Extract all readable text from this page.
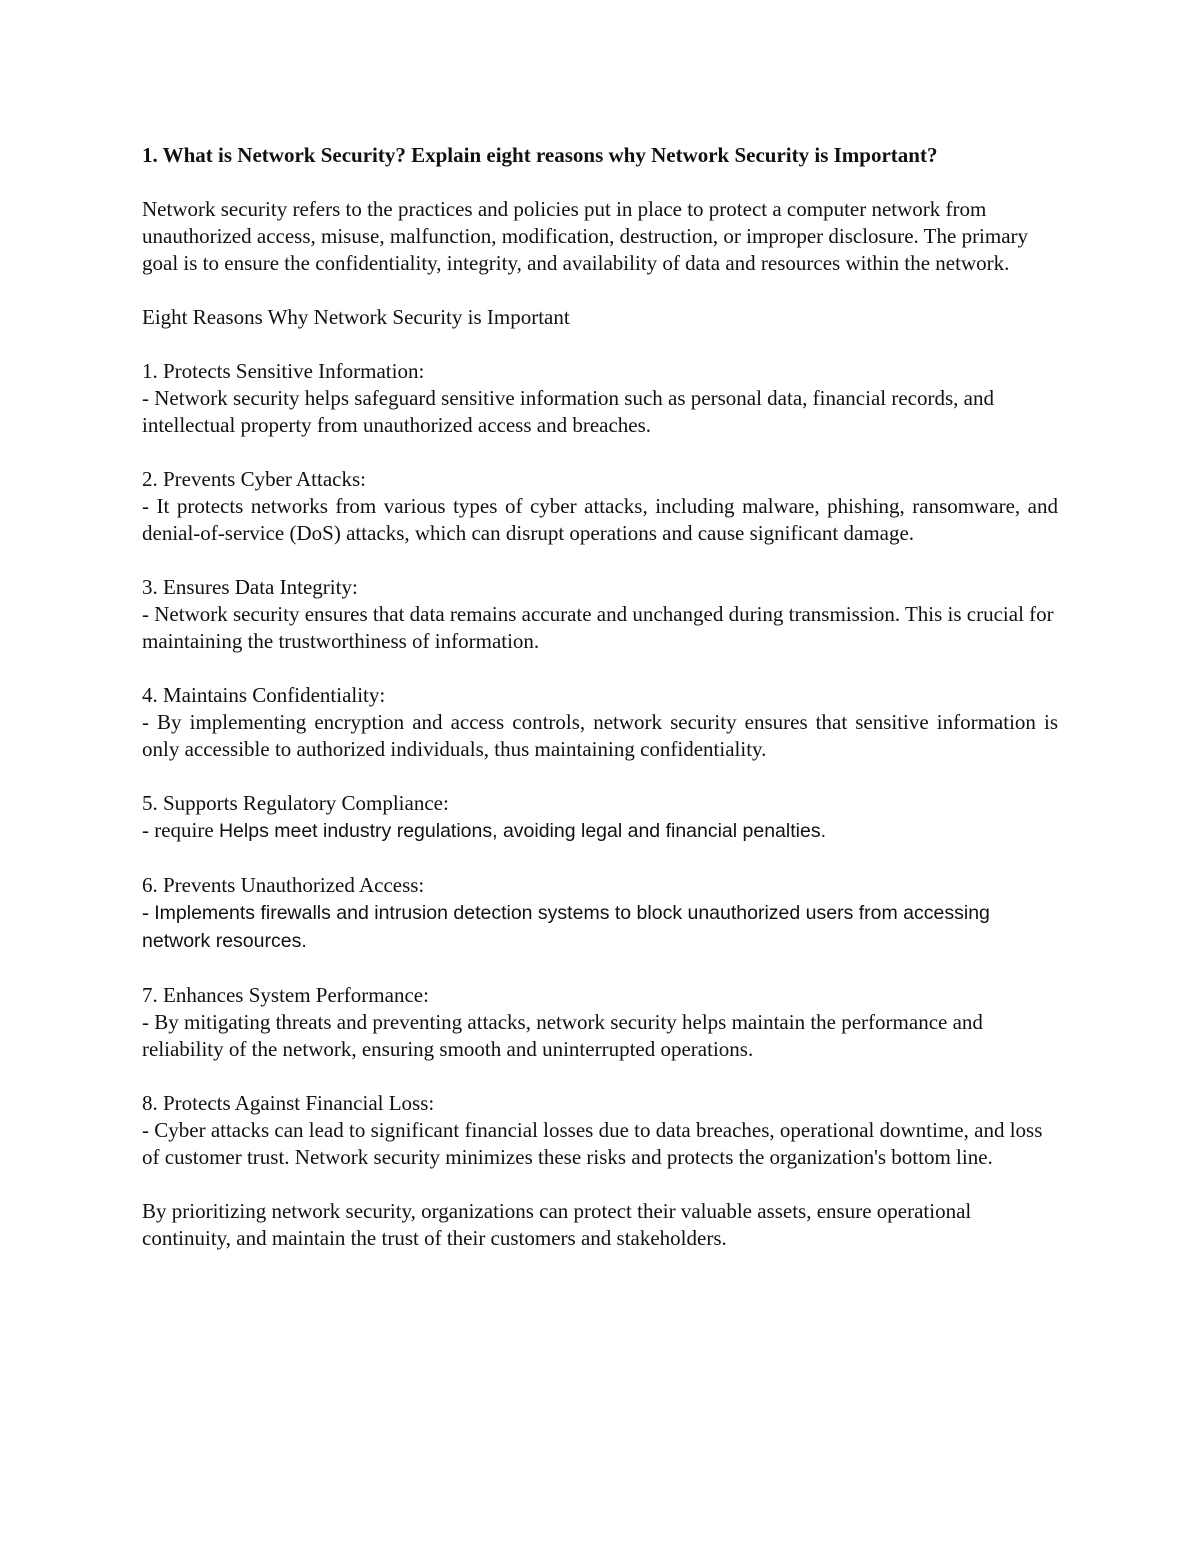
1. What is Network Security? Explain eight reasons why Network Security is Important?

Network security refers to the practices and policies put in place to protect a computer network from unauthorized access, misuse, malfunction, modification, destruction, or improper disclosure. The primary goal is to ensure the confidentiality, integrity, and availability of data and resources within the network.

Eight Reasons Why Network Security is Important

1. Protects Sensitive Information:
- Network security helps safeguard sensitive information such as personal data, financial records, and intellectual property from unauthorized access and breaches.
2. Prevents Cyber Attacks:
- It protects networks from various types of cyber attacks, including malware, phishing, ransomware, and denial-of-service (DoS) attacks, which can disrupt operations and cause significant damage.
3. Ensures Data Integrity:
- Network security ensures that data remains accurate and unchanged during transmission. This is crucial for maintaining the trustworthiness of information.
4. Maintains Confidentiality:
- By implementing encryption and access controls, network security ensures that sensitive information is only accessible to authorized individuals, thus maintaining confidentiality.
5. Supports Regulatory Compliance:
- require Helps meet industry regulations, avoiding legal and financial penalties.
6. Prevents Unauthorized Access:
- Implements firewalls and intrusion detection systems to block unauthorized users from accessing network resources.
7. Enhances System Performance:
- By mitigating threats and preventing attacks, network security helps maintain the performance and reliability of the network, ensuring smooth and uninterrupted operations.
8. Protects Against Financial Loss:
- Cyber attacks can lead to significant financial losses due to data breaches, operational downtime, and loss of customer trust. Network security minimizes these risks and protects the organization's bottom line.

By prioritizing network security, organizations can protect their valuable assets, ensure operational continuity, and maintain the trust of their customers and stakeholders.
